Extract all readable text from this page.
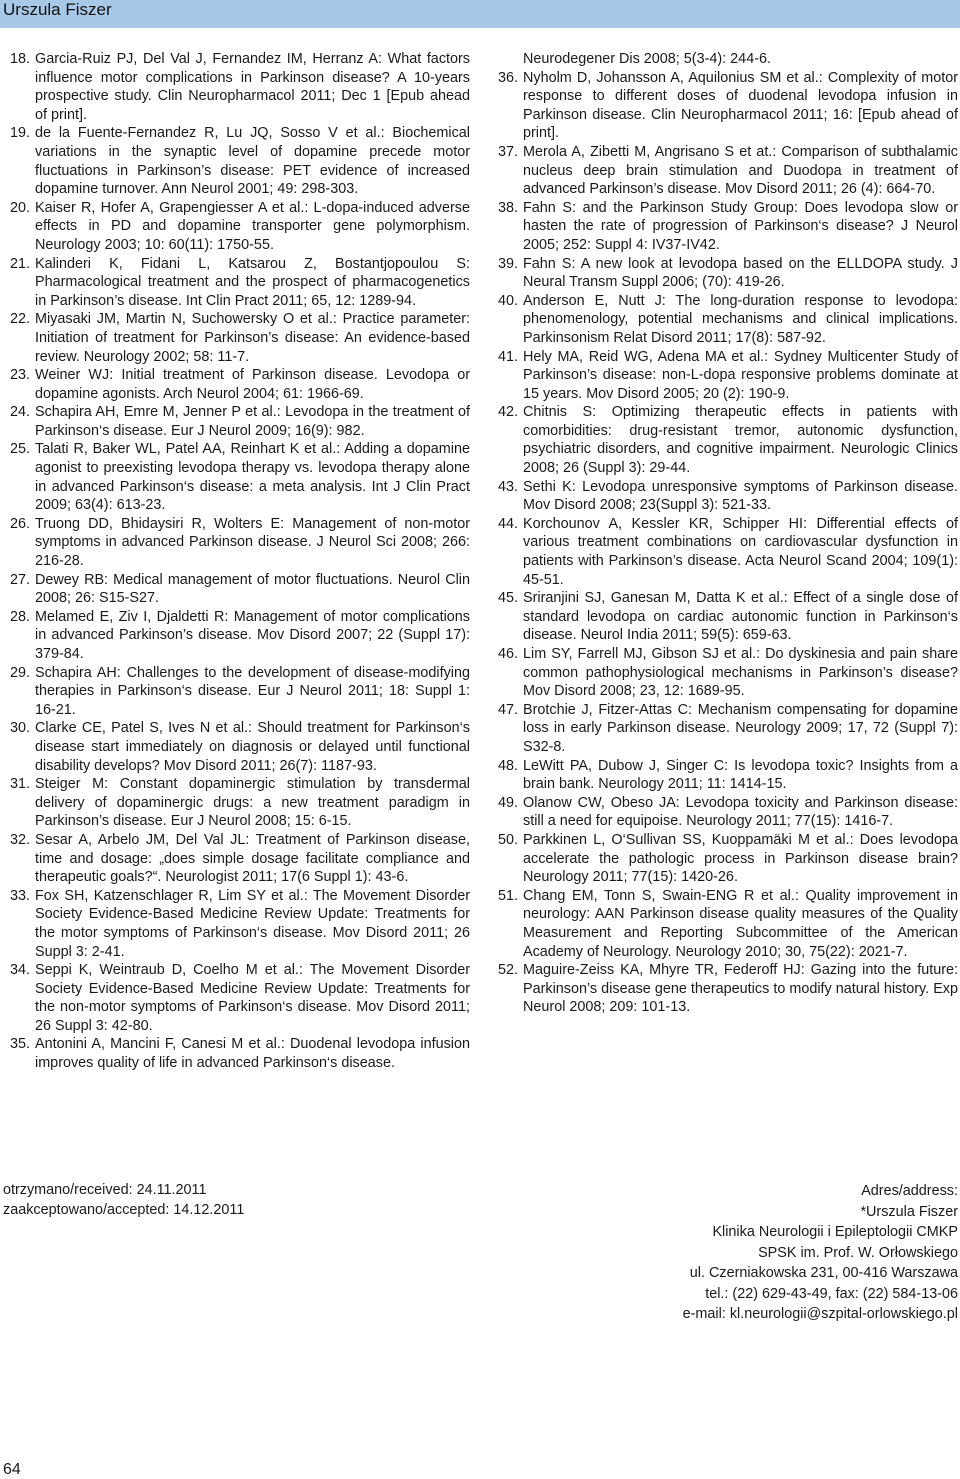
Urszula Fiszer

18. Garcia-Ruiz PJ, Del Val J, Fernandez IM, Herranz A: What factors influence motor complications in Parkinson disease? A 10-years prospective study. Clin Neuropharmacol 2011; Dec 1 [Epub ahead of print].

19. de la Fuente-Fernandez R, Lu JQ, Sosso V et al.: Biochemical variations in the synaptic level of dopamine precede motor fluctuations in Parkinson’s disease: PET evidence of increased dopamine turnover. Ann Neurol 2001; 49: 298-303.

20. Kaiser R, Hofer A, Grapengiesser A et al.: L-dopa-induced adverse effects in PD and dopamine transporter gene polymorphism. Neurology 2003; 10: 60(11): 1750-55.

21. Kalinderi K, Fidani L, Katsarou Z, Bostantjopoulou S: Pharmacological treatment and the prospect of pharmacogenetics in Parkinson’s disease. Int Clin Pract 2011; 65, 12: 1289-94.

22. Miyasaki JM, Martin N, Suchowersky O et al.: Practice parameter: Initiation of treatment for Parkinson’s disease: An evidence-based review. Neurology 2002; 58: 11-7.

23. Weiner WJ: Initial treatment of Parkinson disease. Levodopa or dopamine agonists. Arch Neurol 2004; 61: 1966-69.

24. Schapira AH, Emre M, Jenner P et al.: Levodopa in the treatment of Parkinson‘s disease. Eur J Neurol 2009; 16(9): 982.

25. Talati R, Baker WL, Patel AA, Reinhart K et al.: Adding a dopamine agonist to preexisting levodopa therapy vs. levodopa therapy alone in advanced Parkinson‘s disease: a meta analysis. Int J Clin Pract 2009; 63(4): 613-23.

26. Truong DD, Bhidaysiri R, Wolters E: Management of non-motor symptoms in advanced Parkinson disease. J Neurol Sci 2008; 266: 216-28.

27. Dewey RB: Medical management of motor fluctuations. Neurol Clin 2008; 26: S15-S27.

28. Melamed E, Ziv I, Djaldetti R: Management of motor complications in advanced Parkinson’s disease. Mov Disord 2007; 22 (Suppl 17): 379-84.

29. Schapira AH: Challenges to the development of disease-modifying therapies in Parkinson‘s disease. Eur J Neurol 2011; 18: Suppl 1: 16-21.

30. Clarke CE, Patel S, Ives N et al.: Should treatment for Parkinson‘s disease start immediately on diagnosis or delayed until functional disability develops? Mov Disord 2011; 26(7): 1187-93.

31. Steiger M: Constant dopaminergic stimulation by transdermal delivery of dopaminergic drugs: a new treatment paradigm in Parkinson’s disease. Eur J Neurol 2008; 15: 6-15.

32. Sesar A, Arbelo JM, Del Val JL: Treatment of Parkinson disease, time and dosage: „does simple dosage facilitate compliance and therapeutic goals?“. Neurologist 2011; 17(6 Suppl 1): 43-6.

33. Fox SH, Katzenschlager R, Lim SY et al.: The Movement Disorder Society Evidence-Based Medicine Review Update: Treatments for the motor symptoms of Parkinson‘s disease. Mov Disord 2011; 26 Suppl 3: 2-41.

34. Seppi K, Weintraub D, Coelho M et al.: The Movement Disorder Society Evidence-Based Medicine Review Update: Treatments for the non-motor symptoms of Parkinson‘s disease. Mov Disord 2011; 26 Suppl 3: 42-80.

35. Antonini A, Mancini F, Canesi M et al.: Duodenal levodopa infusion improves quality of life in advanced Parkinson‘s disease.

Neurodegener Dis 2008; 5(3-4): 244-6.

36. Nyholm D, Johansson A, Aquilonius SM et al.: Complexity of motor response to different doses of duodenal levodopa infusion in Parkinson disease. Clin Neuropharmacol 2011; 16: [Epub ahead of print].

37. Merola A, Zibetti M, Angrisano S et at.: Comparison of subthalamic nucleus deep brain stimulation and Duodopa in treatment of advanced Parkinson’s disease. Mov Disord 2011; 26 (4): 664-70.

38. Fahn S: and the Parkinson Study Group: Does levodopa slow or hasten the rate of progression of Parkinson‘s disease? J Neurol 2005; 252: Suppl 4: IV37-IV42.

39. Fahn S: A new look at levodopa based on the ELLDOPA study. J Neural Transm Suppl 2006; (70): 419-26.

40. Anderson E, Nutt J: The long-duration response to levodopa: phenomenology, potential mechanisms and clinical implications. Parkinsonism Relat Disord 2011; 17(8): 587-92.

41. Hely MA, Reid WG, Adena MA et al.: Sydney Multicenter Study of Parkinson’s disease: non-L-dopa responsive problems dominate at 15 years. Mov Disord 2005; 20 (2): 190-9.

42. Chitnis S: Optimizing therapeutic effects in patients with comorbidities: drug-resistant tremor, autonomic dysfunction, psychiatric disorders, and cognitive impairment. Neurologic Clinics 2008; 26 (Suppl 3): 29-44.

43. Sethi K: Levodopa unresponsive symptoms of Parkinson disease. Mov Disord 2008; 23(Suppl 3): 521-33.

44. Korchounov A, Kessler KR, Schipper HI: Differential effects of various treatment combinations on cardiovascular dysfunction in patients with Parkinson’s disease. Acta Neurol Scand 2004; 109(1): 45-51.

45. Sriranjini SJ, Ganesan M, Datta K et al.: Effect of a single dose of standard levodopa on cardiac autonomic function in Parkinson‘s disease. Neurol India 2011; 59(5): 659-63.

46. Lim SY, Farrell MJ, Gibson SJ et al.: Do dyskinesia and pain share common pathophysiological mechanisms in Parkinson’s disease? Mov Disord 2008; 23, 12: 1689-95.

47. Brotchie J, Fitzer-Attas C: Mechanism compensating for dopamine loss in early Parkinson disease. Neurology 2009; 17, 72 (Suppl 7): S32-8.

48. LeWitt PA, Dubow J, Singer C: Is levodopa toxic? Insights from a brain bank. Neurology 2011; 11: 1414-15.

49. Olanow CW, Obeso JA: Levodopa toxicity and Parkinson disease: still a need for equipoise. Neurology 2011; 77(15): 1416-7.

50. Parkkinen L, O‘Sullivan SS, Kuoppamäki M et al.: Does levodopa accelerate the pathologic process in Parkinson disease brain? Neurology 2011; 77(15): 1420-26.

51. Chang EM, Tonn S, Swain-ENG R et al.: Quality improvement in neurology: AAN Parkinson disease quality measures of the Quality Measurement and Reporting Subcommittee of the American Academy of Neurology. Neurology 2010; 30, 75(22): 2021-7.

52. Maguire-Zeiss KA, Mhyre TR, Federoff HJ: Gazing into the future: Parkinson’s disease gene therapeutics to modify natural history. Exp Neurol 2008; 209: 101-13.

otrzymano/received: 24.11.2011
zaakceptowano/accepted: 14.12.2011
Adres/address:
*Urszula Fiszer
Klinika Neurologii i Epileptologii CMKP
SPSK im. Prof. W. Orłowskiego
ul. Czerniakowska 231, 00-416 Warszawa
tel.: (22) 629-43-49, fax: (22) 584-13-06
e-mail: kl.neurologii@szpital-orlowskiego.pl
64
